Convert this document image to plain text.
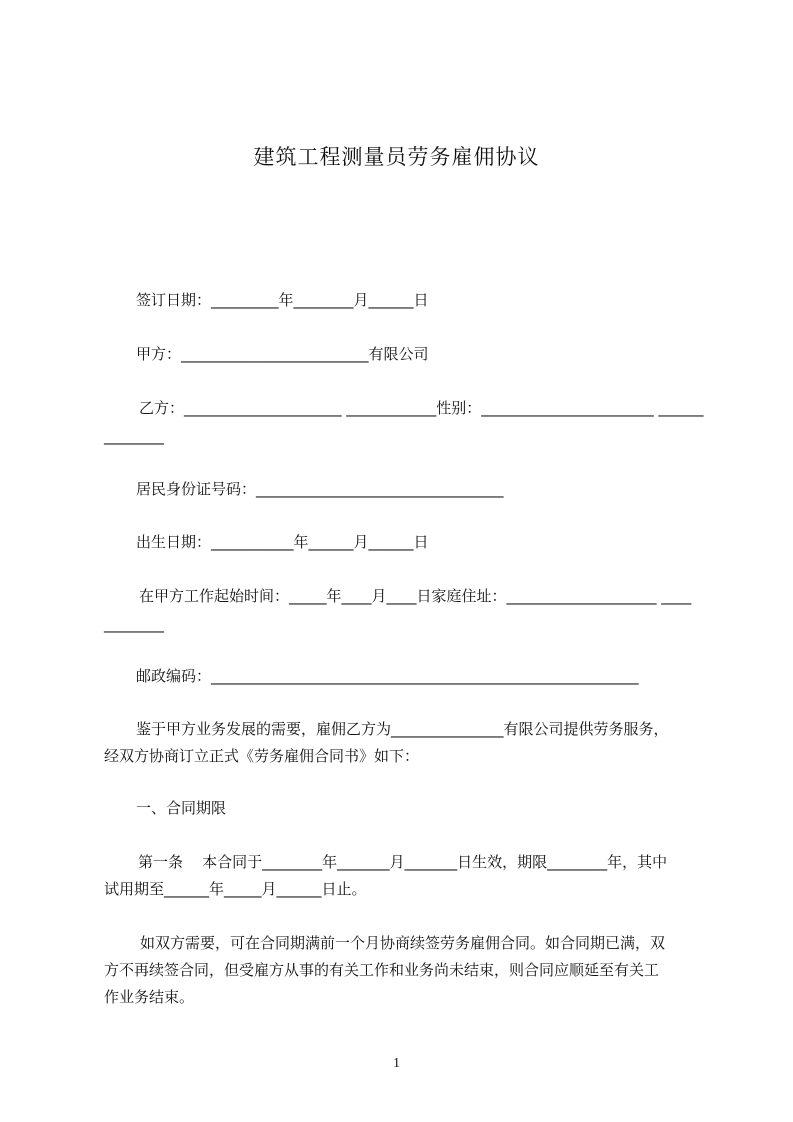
建筑工程测量员劳务雇佣协议
签订日期：_________年________月______日
甲方：_________________________有限公司
乙方：_____________________ ____________性别：_______________________ ______
________
居民身份证号码：_________________________________
出生日期：___________年______月______日
在甲方工作起始时间：_____年____月____日家庭住址：____________________ ____
________
邮政编码：_________________________________________________________
鉴于甲方业务发展的需要，雇佣乙方为_______________有限公司提供劳务服务，
经双方协商订立正式《劳务雇佣合同书》如下：
一、合同期限
第一条    本合同于________年_______月_______日生效，期限________年，其中
试用期至______年_____月______日止。
如双方需要，可在合同期满前一个月协商续签劳务雇佣合同。如合同期已满，双
方不再续签合同，但受雇方从事的有关工作和业务尚未结束，则合同应顺延至有关工
作业务结束。
1
